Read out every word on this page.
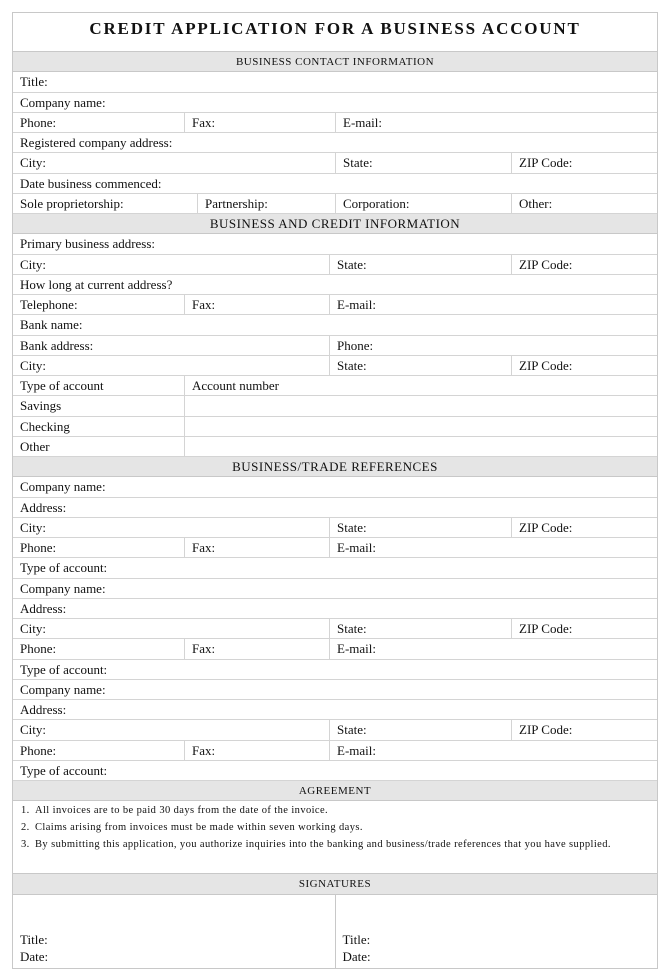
CREDIT APPLICATION FOR A BUSINESS ACCOUNT
BUSINESS CONTACT INFORMATION
Title:
Company name:
Phone:	Fax:	E-mail:
Registered company address:
City:	State:	ZIP Code:
Date business commenced:
Sole proprietorship:	Partnership:	Corporation:	Other:
BUSINESS AND CREDIT INFORMATION
Primary business address:
City:	State:	ZIP Code:
How long at current address?
Telephone:	Fax:	E-mail:
Bank name:
Bank address:	Phone:
City:	State:	ZIP Code:
Type of account	Account number
Savings
Checking
Other
BUSINESS/TRADE REFERENCES
Company name:
Address:
City:	State:	ZIP Code:
Phone:	Fax:	E-mail:
Type of account:
Company name:
Address:
City:	State:	ZIP Code:
Phone:	Fax:	E-mail:
Type of account:
Company name:
Address:
City:	State:	ZIP Code:
Phone:	Fax:	E-mail:
Type of account:
AGREEMENT
1. All invoices are to be paid 30 days from the date of the invoice.
2. Claims arising from invoices must be made within seven working days.
3. By submitting this application, you authorize inquiries into the banking and business/trade references that you have supplied.
SIGNATURES
Title:
Date:
Title:
Date:
